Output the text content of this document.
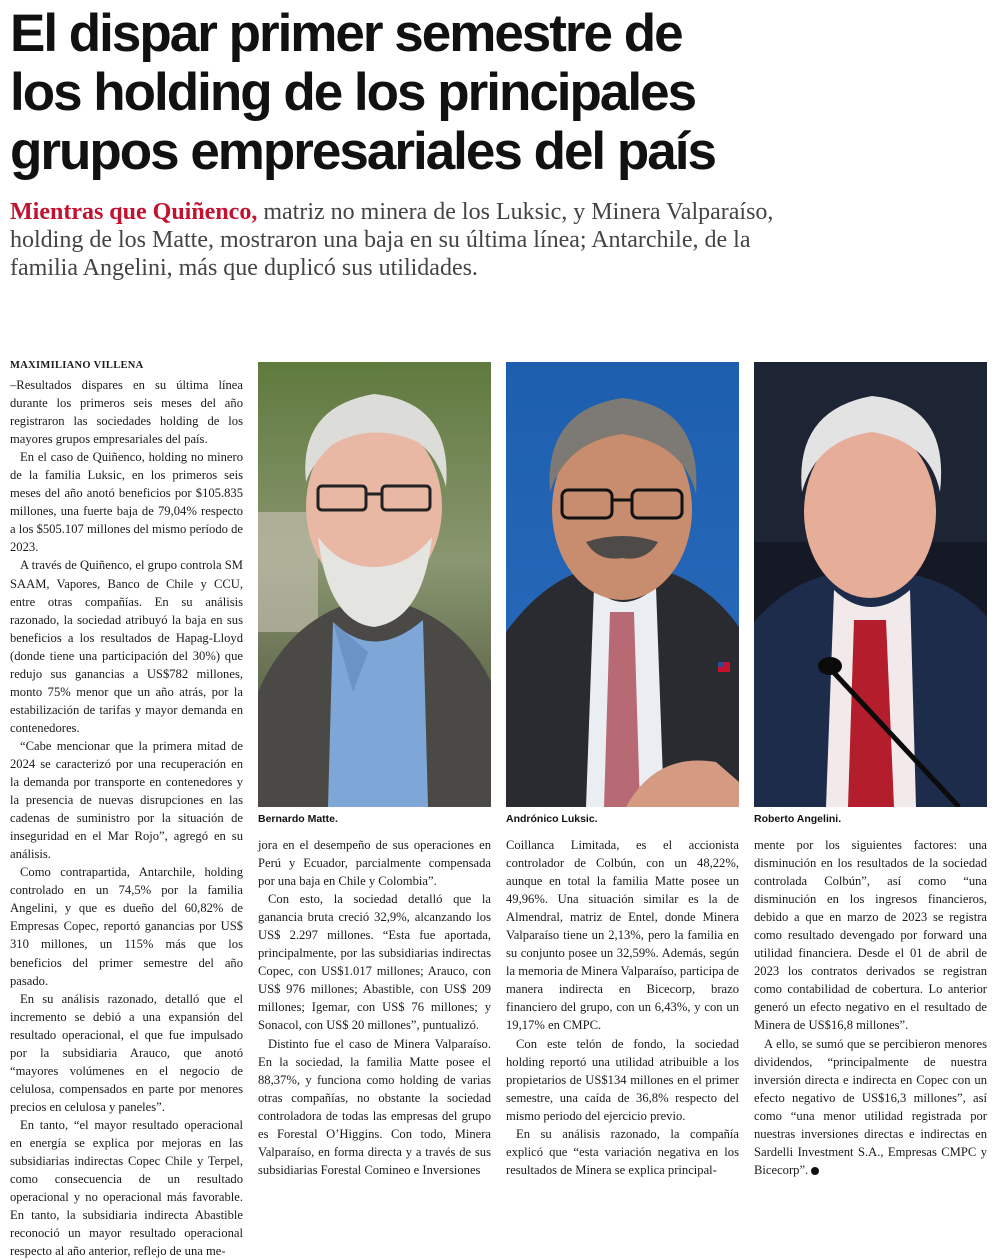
El dispar primer semestre de
los holding de los principales
grupos empresariales del país
Mientras que Quiñenco, matriz no minera de los Luksic, y Minera Valparaíso,
holding de los Matte, mostraron una baja en su última línea; Antarchile, de la
familia Angelini, más que duplicó sus utilidades.
MAXIMILIANO VILLENA

–Resultados dispares en su última línea durante los primeros seis meses del año registraron las sociedades holding de los mayores grupos empresariales del país.

En el caso de Quiñenco, holding no minero de la familia Luksic, en los primeros seis meses del año anotó beneficios por $105.835 millones, una fuerte baja de 79,04% respecto a los $505.107 millones del mismo período de 2023.

A través de Quiñenco, el grupo controla SM SAAM, Vapores, Banco de Chile y CCU, entre otras compañías. En su análisis razonado, la sociedad atribuyó la baja en sus beneficios a los resultados de Hapag-Lloyd (donde tiene una participación del 30%) que redujo sus ganancias a US$782 millones, monto 75% menor que un año atrás, por la estabilización de tarifas y mayor demanda en contenedores.

“Cabe mencionar que la primera mitad de 2024 se caracterizó por una recuperación en la demanda por transporte en contenedores y la presencia de nuevas disrupciones en las cadenas de suministro por la situación de inseguridad en el Mar Rojo”, agregó en su análisis.

Como contrapartida, Antarchile, holding controlado en un 74,5% por la familia Angelini, y que es dueño del 60,82% de Empresas Copec, reportó ganancias por US$ 310 millones, un 115% más que los beneficios del primer semestre del año pasado.

En su análisis razonado, detalló que el incremento se debió a una expansión del resultado operacional, el que fue impulsado por la subsidiaria Arauco, que anotó “mayores volúmenes en el negocio de celulosa, compensados en parte por menores precios en celulosa y paneles”.

En tanto, “el mayor resultado operacional en energía se explica por mejoras en las subsidiarias indirectas Copec Chile y Terpel, como consecuencia de un resultado operacional y no operacional más favorable. En tanto, la subsidiaria indirecta Abastible reconoció un mayor resultado operacional respecto al año anterior, reflejo de una me-

Bernardo Matte.	Andrónico Luksic.	Roberto Angelini.

jora en el desempeño de sus operaciones en Perú y Ecuador, parcialmente compensada por una baja en Chile y Colombia”.

Con esto, la sociedad detalló que la ganancia bruta creció 32,9%, alcanzando los US$ 2.297 millones. “Esta fue aportada, principalmente, por las subsidiarias indirectas Copec, con US$1.017 millones; Arauco, con US$ 976 millones; Abastible, con US$ 209 millones; Igemar, con US$ 76 millones; y Sonacol, con US$ 20 millones”, puntualizó.

Distinto fue el caso de Minera Valparaíso. En la sociedad, la familia Matte posee el 88,37%, y funciona como holding de varias otras compañías, no obstante la sociedad controladora de todas las empresas del grupo es Forestal O’Higgins. Con todo, Minera Valparaíso, en forma directa y a través de sus subsidiarias Forestal Comineo e Inversiones

Coillanca Limitada, es el accionista controlador de Colbún, con un 48,22%, aunque en total la familia Matte posee un 49,96%. Una situación similar es la de Almendral, matriz de Entel, donde Minera Valparaíso tiene un 2,13%, pero la familia en su conjunto posee un 32,59%. Además, según la memoria de Minera Valparaíso, participa de manera indirecta en Bicecorp, brazo financiero del grupo, con un 6,43%, y con un 19,17% en CMPC.

Con este telón de fondo, la sociedad holding reportó una utilidad atribuible a los propietarios de US$134 millones en el primer semestre, una caída de 36,8% respecto del mismo periodo del ejercicio previo.

En su análisis razonado, la compañía explicó que “esta variación negativa en los resultados de Minera se explica principal-

mente por los siguientes factores: una disminución en los resultados de la sociedad controlada Colbún”, así como “una disminución en los ingresos financieros, debido a que en marzo de 2023 se registra como resultado devengado por forward una utilidad financiera. Desde el 01 de abril de 2023 los contratos derivados se registran como contabilidad de cobertura. Lo anterior generó un efecto negativo en el resultado de Minera de US$16,8 millones”.

A ello, se sumó que se percibieron menores dividendos, “principalmente de nuestra inversión directa e indirecta en Copec con un efecto negativo de US$16,3 millones”, así como “una menor utilidad registrada por nuestras inversiones directas e indirectas en Sardelli Investment S.A., Empresas CMPC y Bicecorp”.
